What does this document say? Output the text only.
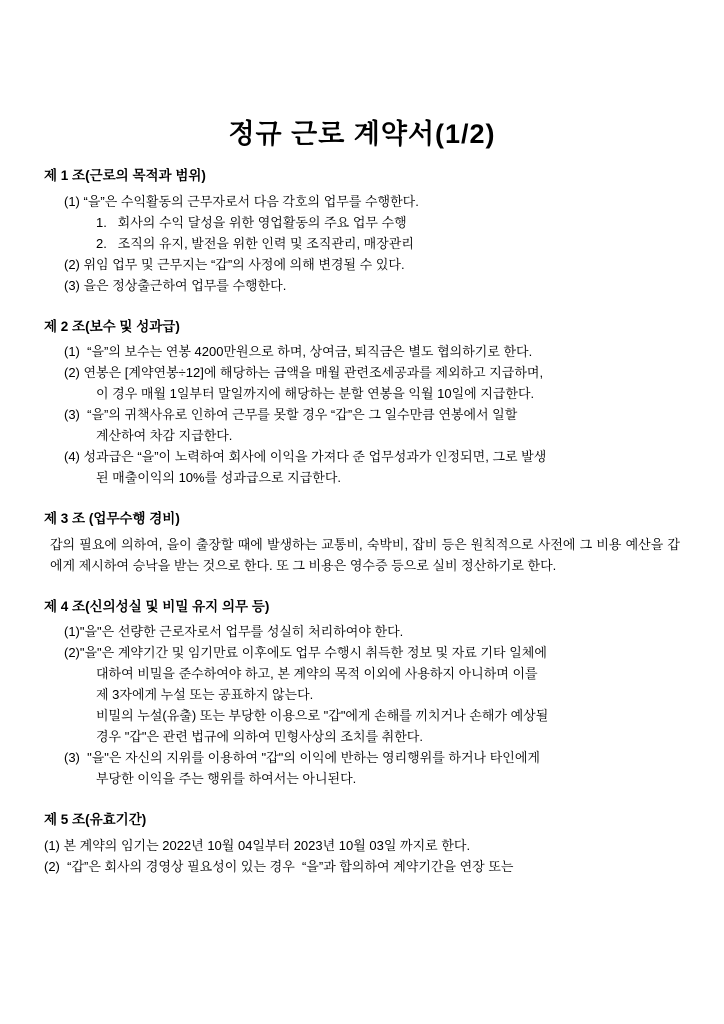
정규 근로 계약서(1/2)
제 1 조(근로의 목적과 범위)
(1) “을”은 수익활동의 근무자로서 다음 각호의 업무를 수행한다.
1.   회사의 수익 달성을 위한 영업활동의 주요 업무 수행
2.   조직의 유지, 발전을 위한 인력 및 조직관리, 매장관리
(2) 위임 업무 및 근무지는 “갑”의 사정에 의해 변경될 수 있다.
(3) 을은 정상출근하여 업무를 수행한다.
제 2 조(보수 및 성과급)
(1)  “을”의 보수는 연봉 4200만원으로 하며, 상여금, 퇴직금은 별도 협의하기로 한다.
(2) 연봉은 [계약연봉÷12]에 해당하는 금액을 매월 관련조세공과를 제외하고 지급하며,
이 경우 매월 1일부터 말일까지에 해당하는 분할 연봉을 익월 10일에 지급한다.
(3)  “을”의 귀책사유로 인하여 근무를 못할 경우 “갑”은 그 일수만큼 연봉에서 일할
계산하여 차감 지급한다.
(4) 성과급은 “을”이 노력하여 회사에 이익을 가져다 준 업무성과가 인정되면, 그로 발생
된 매출이익의 10%를 성과급으로 지급한다.
제 3 조 (업무수행 경비)
갑의 필요에 의하여, 을이 출장할 때에 발생하는 교통비, 숙박비, 잡비 등은 원칙적으로 사전에 그 비용 예산을 갑에게 제시하여 승낙을 받는 것으로 한다. 또 그 비용은 영수증 등으로 실비 정산하기로 한다.
제 4 조(신의성실 및 비밀 유지 의무 등)
(1)"을"은 선량한 근로자로서 업무를 성실히 처리하여야 한다.
(2)"을"은 계약기간 및 임기만료 이후에도 업무 수행시 취득한 정보 및 자료 기타 일체에
대하여 비밀을 준수하여야 하고, 본 계약의 목적 이외에 사용하지 아니하며 이를
제 3자에게 누설 또는 공표하지 않는다.
비밀의 누설(유출) 또는 부당한 이용으로 "갑"에게 손해를 끼치거나 손해가 예상될
경우 "갑"은 관련 법규에 의하여 민형사상의 조치를 취한다.
(3)  "을"은 자신의 지위를 이용하여 "갑"의 이익에 반하는 영리행위를 하거나 타인에게
부당한 이익을 주는 행위를 하여서는 아니된다.
제 5 조(유효기간)
(1) 본 계약의 임기는 2022년 10월 04일부터 2023년 10월 03일 까지로 한다.
(2)  “갑”은 회사의 경영상 필요성이 있는 경우  “을”과 합의하여 계약기간을 연장 또는
